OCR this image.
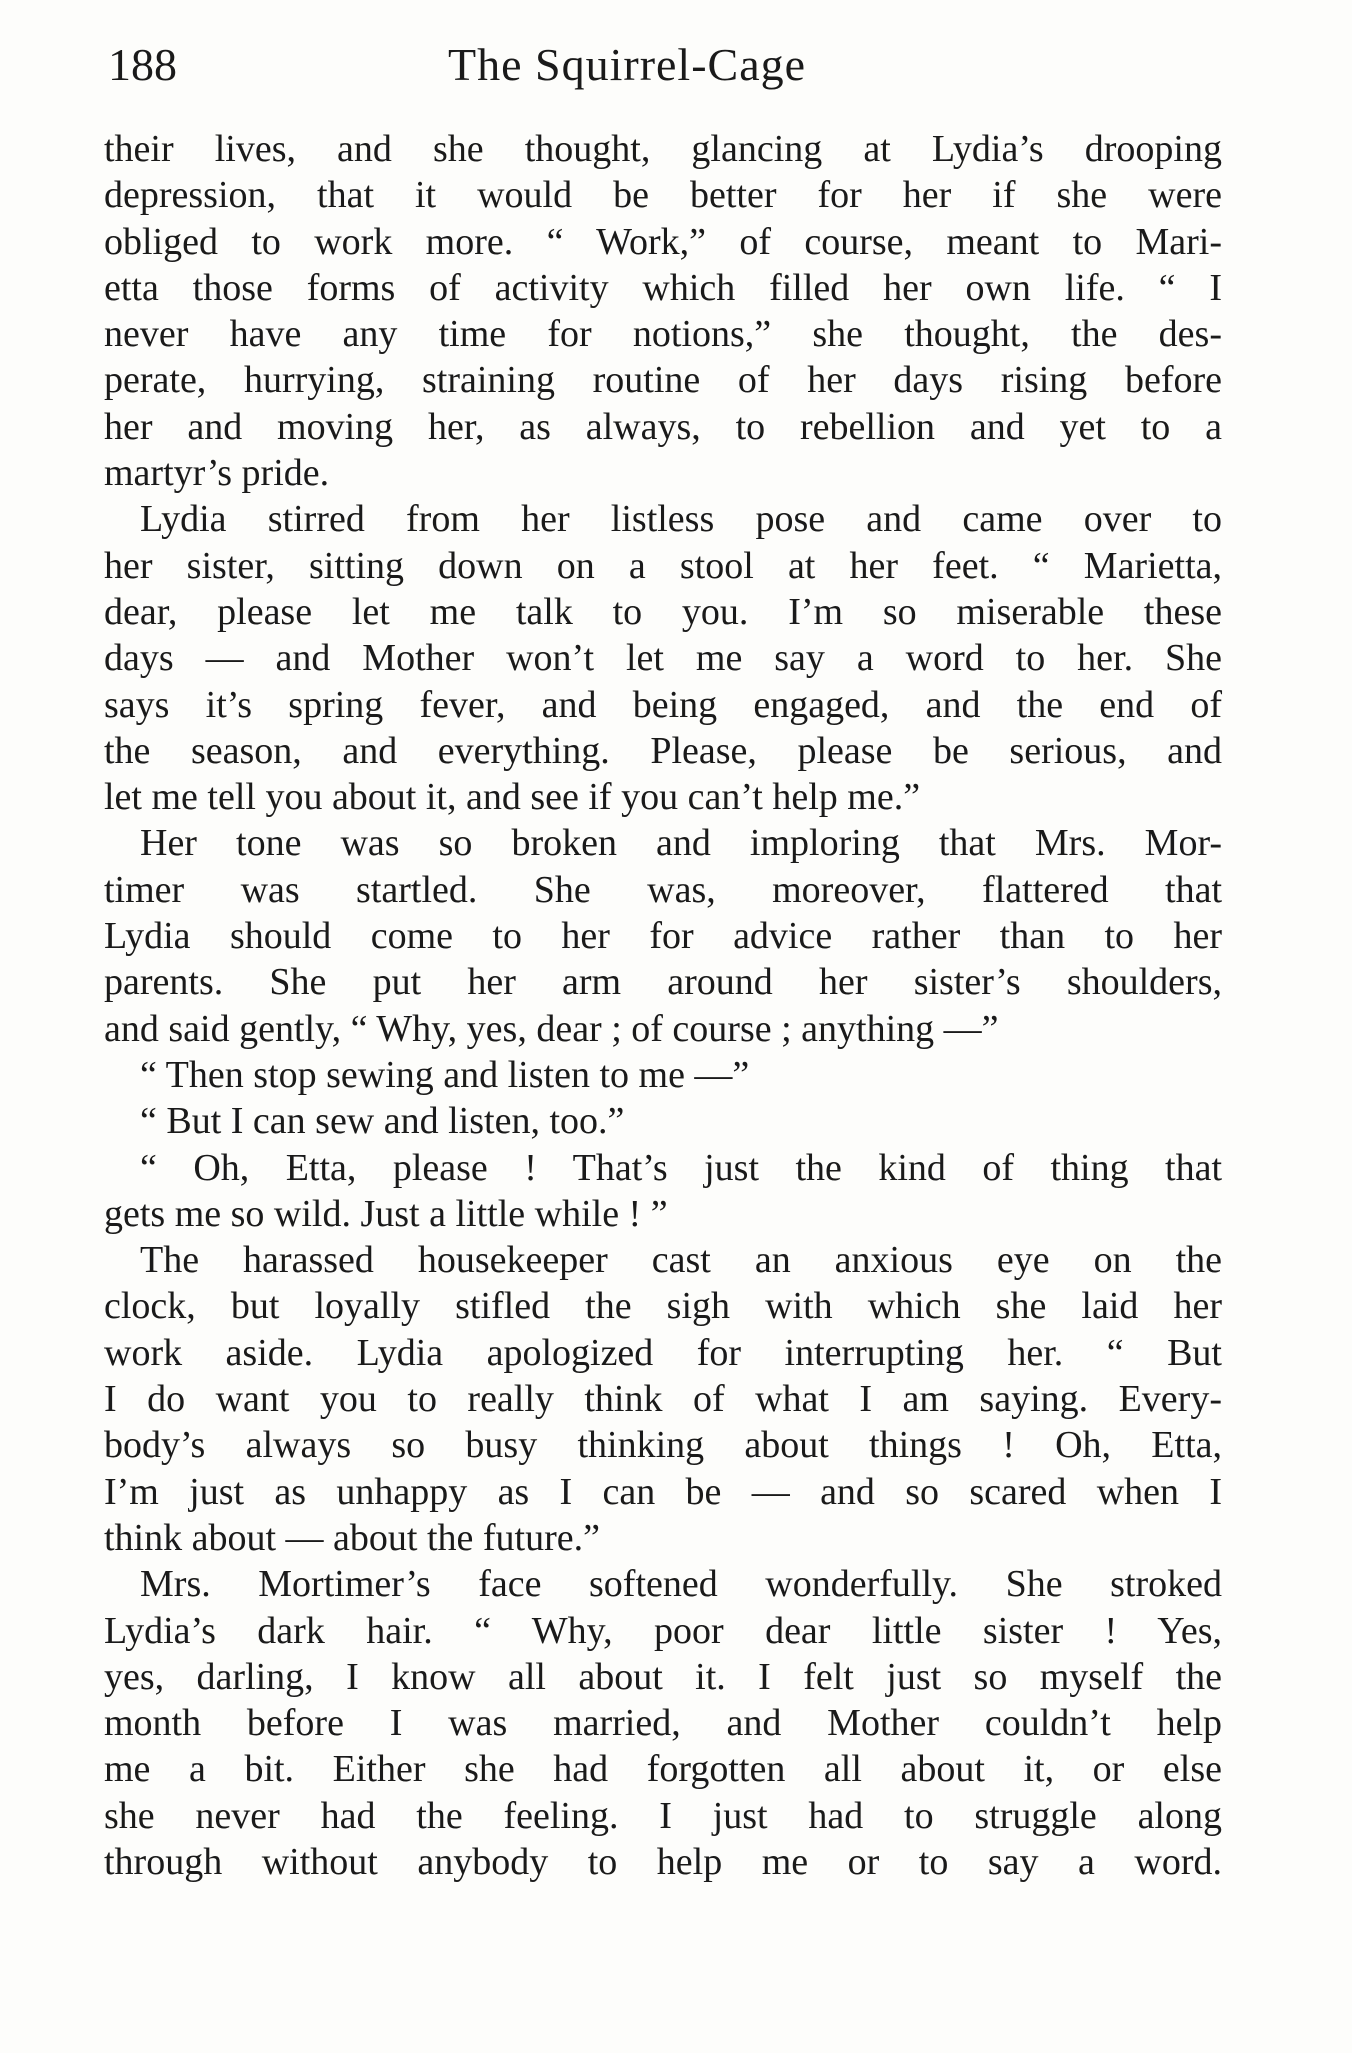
188	The Squirrel-Cage
their lives, and she thought, glancing at Lydia’s drooping
depression, that it would be better for her if she were
obliged to work more. “ Work,” of course, meant to Mari-
etta those forms of activity which filled her own life. “ I
never have any time for notions,” she thought, the des-
perate, hurrying, straining routine of her days rising before
her and moving her, as always, to rebellion and yet to a
martyr’s pride.
Lydia stirred from her listless pose and came over to
her sister, sitting down on a stool at her feet. “ Marietta,
dear, please let me talk to you. I’m so miserable these
days — and Mother won’t let me say a word to her. She
says it’s spring fever, and being engaged, and the end of
the season, and everything. Please, please be serious, and
let me tell you about it, and see if you can’t help me.”
Her tone was so broken and imploring that Mrs. Mor-
timer was startled. She was, moreover, flattered that
Lydia should come to her for advice rather than to her
parents. She put her arm around her sister’s shoulders,
and said gently, “ Why, yes, dear ; of course ; anything —”
“ Then stop sewing and listen to me —”
“ But I can sew and listen, too.”
“ Oh, Etta, please ! That’s just the kind of thing that
gets me so wild. Just a little while ! ”
The harassed housekeeper cast an anxious eye on the
clock, but loyally stifled the sigh with which she laid her
work aside. Lydia apologized for interrupting her. “ But
I do want you to really think of what I am saying. Every-
body’s always so busy thinking about things ! Oh, Etta,
I’m just as unhappy as I can be — and so scared when I
think about — about the future.”
Mrs. Mortimer’s face softened wonderfully. She stroked
Lydia’s dark hair. “ Why, poor dear little sister ! Yes,
yes, darling, I know all about it. I felt just so myself the
month before I was married, and Mother couldn’t help
me a bit. Either she had forgotten all about it, or else
she never had the feeling. I just had to struggle along
through without anybody to help me or to say a word.
